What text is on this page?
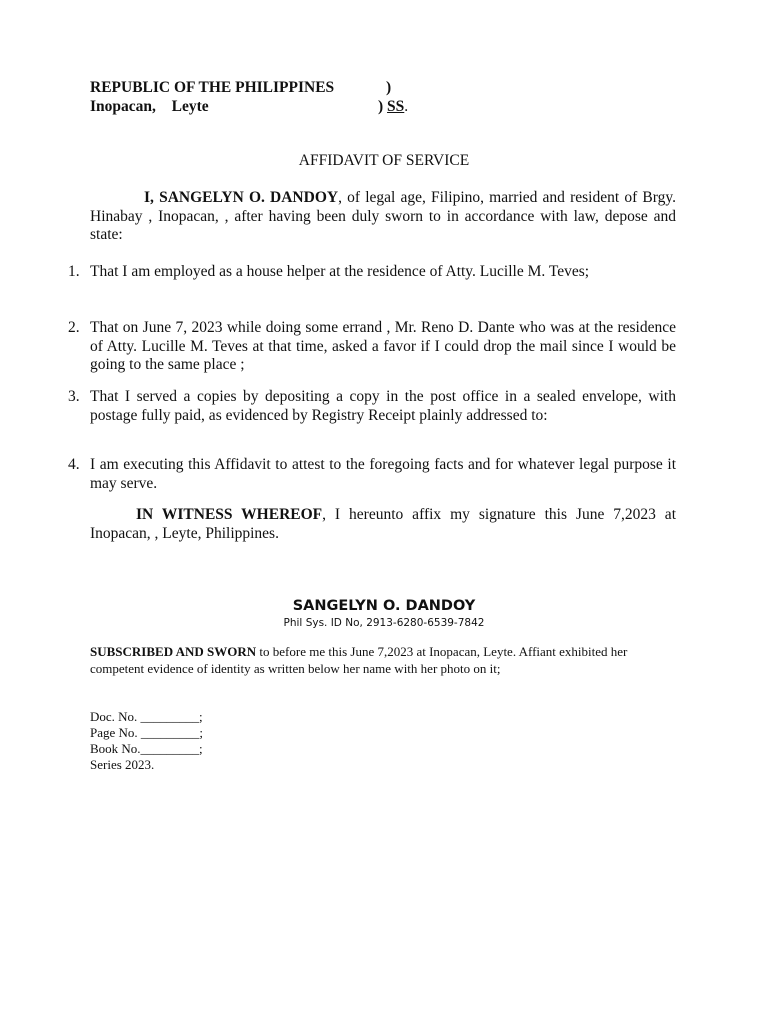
REPUBLIC OF THE PHILIPPINES	)
Inopacan, Leyte	) SS.
AFFIDAVIT OF SERVICE
I, SANGELYN O. DANDOY, of legal age, Filipino, married and resident of Brgy. Hinabay , Inopacan, , after having been duly sworn to in accordance with law, depose and state:
1. That I am employed as a house helper at the residence of Atty. Lucille M. Teves;
2. That on June 7, 2023 while doing some errand , Mr. Reno D. Dante who was at the residence of Atty. Lucille M. Teves at that time, asked a favor if I could drop the mail since I would be going to the same place ;
3. That I served a copies by depositing a copy in the post office in a sealed envelope, with postage fully paid, as evidenced by Registry Receipt plainly addressed to:
4. I am executing this Affidavit to attest to the foregoing facts and for whatever legal purpose it may serve.
IN WITNESS WHEREOF, I hereunto affix my signature this June 7,2023 at Inopacan, , Leyte, Philippines.
SANGELYN O. DANDOY
Phil Sys. ID No, 2913-6280-6539-7842
SUBSCRIBED AND SWORN to before me this June 7,2023 at Inopacan, Leyte. Affiant exhibited her competent evidence of identity as written below her name with her photo on it;
Doc. No. _________;
Page No. _________;
Book No._________;
Series 2023.
